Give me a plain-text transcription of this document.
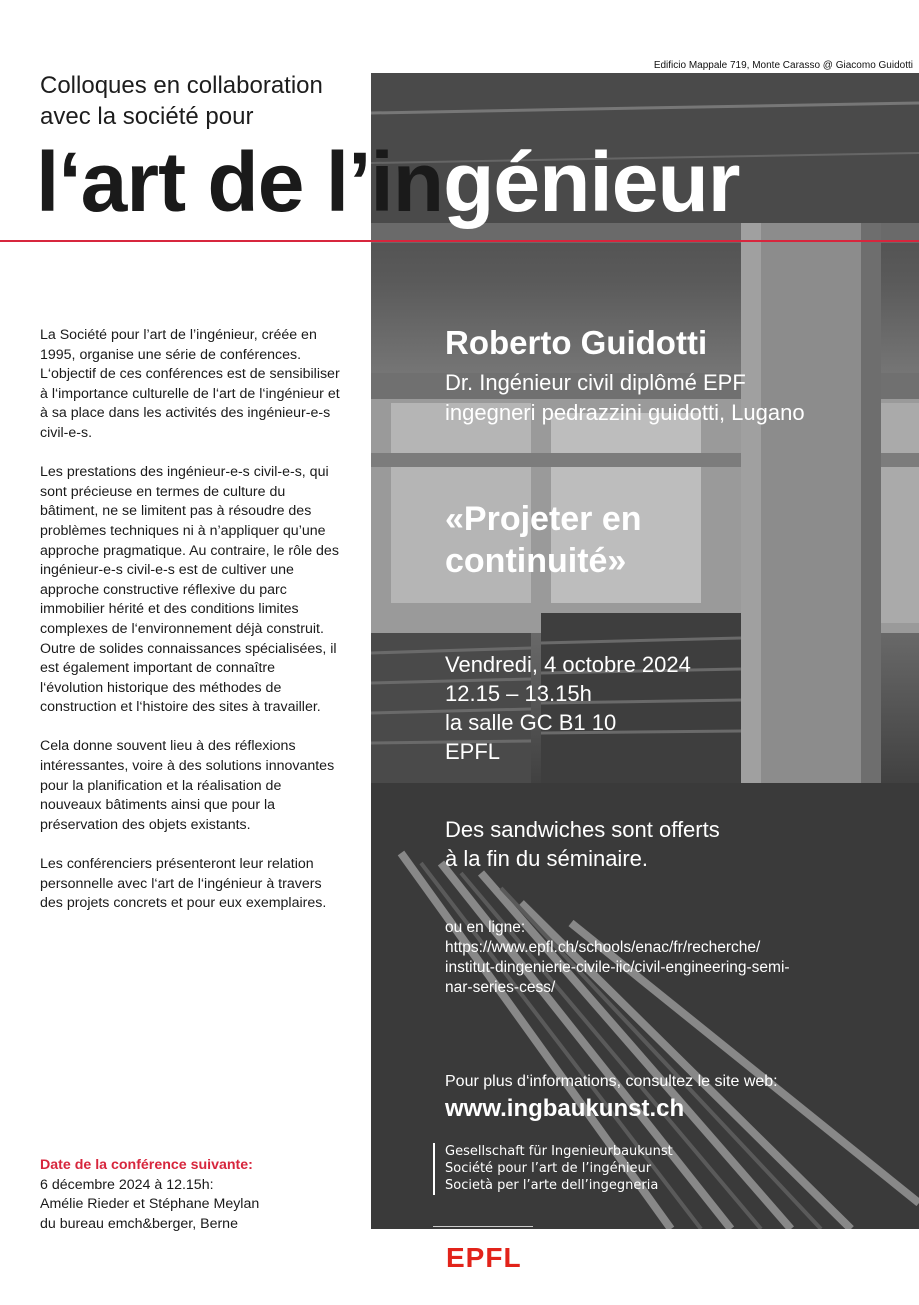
Edificio Mappale 719, Monte Carasso @ Giacomo Guidotti
Colloques en collaboration
avec la société pour
l‘art de l’ingénieur

La Société pour l’art de l’ingénieur, créée en 1995, organise une série de conférences. L‘objectif de ces conférences est de sensibiliser à l‘importance culturelle de l‘art de l‘ingénieur et à sa place dans les activités des ingénieur-e-s civil-e-s.

Les prestations des ingénieur-e-s civil-e-s, qui sont précieuse en termes de culture du bâtiment, ne se limitent pas à résoudre des problèmes techniques ni à n’appliquer qu’une approche pragmatique. Au contraire, le rôle des ingénieur-e-s civil-e-s est de cultiver une approche constructive réflexive du parc immobilier hérité et des conditions limites complexes de l‘environnement déjà construit. Outre de solides connaissances spécialisées, il est également important de connaître l‘évolution historique des méthodes de construction et l‘histoire des sites à travailler.

Cela donne souvent lieu à des réflexions intéressantes, voire à des solutions innovantes pour la planification et la réalisation de nouveaux bâtiments ainsi que pour la préservation des objets existants.

Les conférenciers présenteront leur relation personnelle avec l‘art de l‘ingénieur à travers des projets concrets et pour eux exemplaires.

Date de la conférence suivante:
6 décembre 2024 à 12.15h:
Amélie Rieder et Stéphane Meylan
du bureau emch&berger, Berne
Roberto Guidotti
Dr. Ingénieur civil diplômé EPF
ingegneri pedrazzini guidotti, Lugano
«Projeter en
continuité»
Vendredi, 4 octobre 2024
12.15 – 13.15h
la salle GC B1 10
EPFL
Des sandwiches sont offerts
à la fin du séminaire.
ou en ligne:
https://www.epfl.ch/schools/enac/fr/recherche/
institut-dingenierie-civile-iic/civil-engineering-semi-
nar-series-cess/
Pour plus d‘informations, consultez le site web:
www.ingbaukunst.ch
Gesellschaft für Ingenieurbaukunst
Société pour l’art de l’ingénieur
Società per l’arte dell’ingegneria
EPFL
